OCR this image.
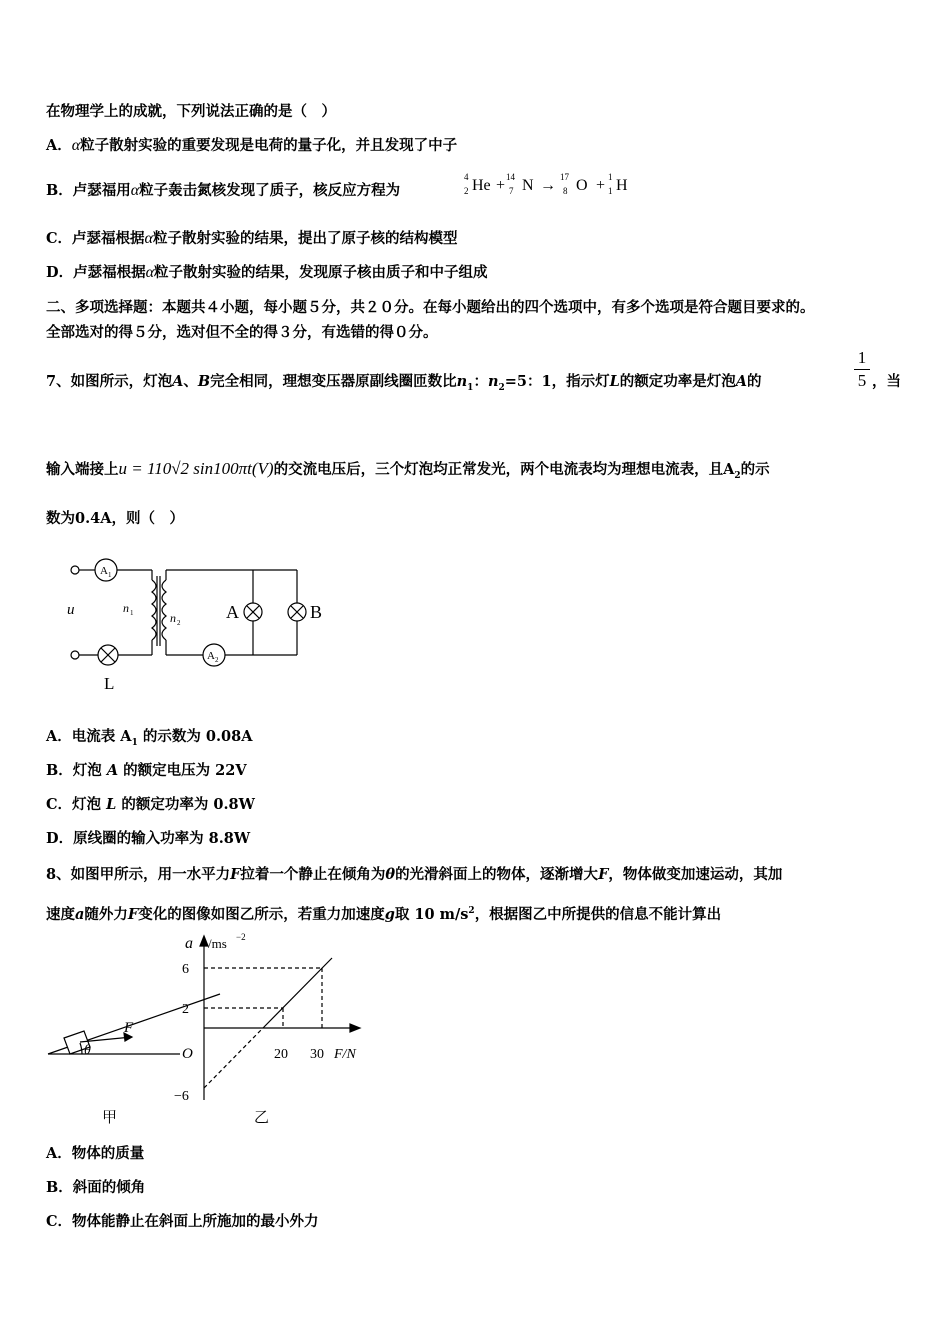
在物理学上的成就，下列说法正确的是（　）
A．α粒子散射实验的重要发现是电荷的量子化，并且发现了中子
B．卢瑟福用α粒子轰击氮核发现了质子，核反应方程为
4
2 He + 14
7 N → 17
8 O + 1
1 H
C．卢瑟福根据α粒子散射实验的结果，提出了原子核的结构模型
D．卢瑟福根据α粒子散射实验的结果，发现原子核由质子和中子组成
二、多项选择题：本题共４小题，每小题５分，共２０分。在每小题给出的四个选项中，有多个选项是符合题目要求的。
全部选对的得５分，选对但不全的得３分，有选错的得０分。
7、如图所示，灯泡A、B完全相同，理想变压器原副线圈匝数比$n_1$：$n_2=5$：1，指示灯L的额定功率是灯泡A的
1
5 ，当
输入端接上u = 110√2 sin100πt(V)的交流电压后，三个灯泡均正常发光，两个电流表均为理想电流表，且$A_2$的示
数为0.4A，则（　）
A 1
A 2
u	n 1	n 2
A	B
L
A．电流表 $A_1$ 的示数为 0.08A
B．灯泡 A 的额定电压为 22V
C．灯泡 L 的额定功率为 0.8W
D．原线圈的输入功率为 8.8W
8、如图甲所示，用一水平力F拉着一个静止在倾角为θ的光滑斜面上的物体，逐渐增大F，物体做变加速运动，其加
速度a随外力F变化的图像如图乙所示，若重力加速度g取 10 $m/s^2$，根据图乙中所提供的信息不能计算出
F
θ
甲
a /ms −2
6
2
O
−6
20 30 F/N
乙
A．物体的质量
B．斜面的倾角
C．物体能静止在斜面上所施加的最小外力
